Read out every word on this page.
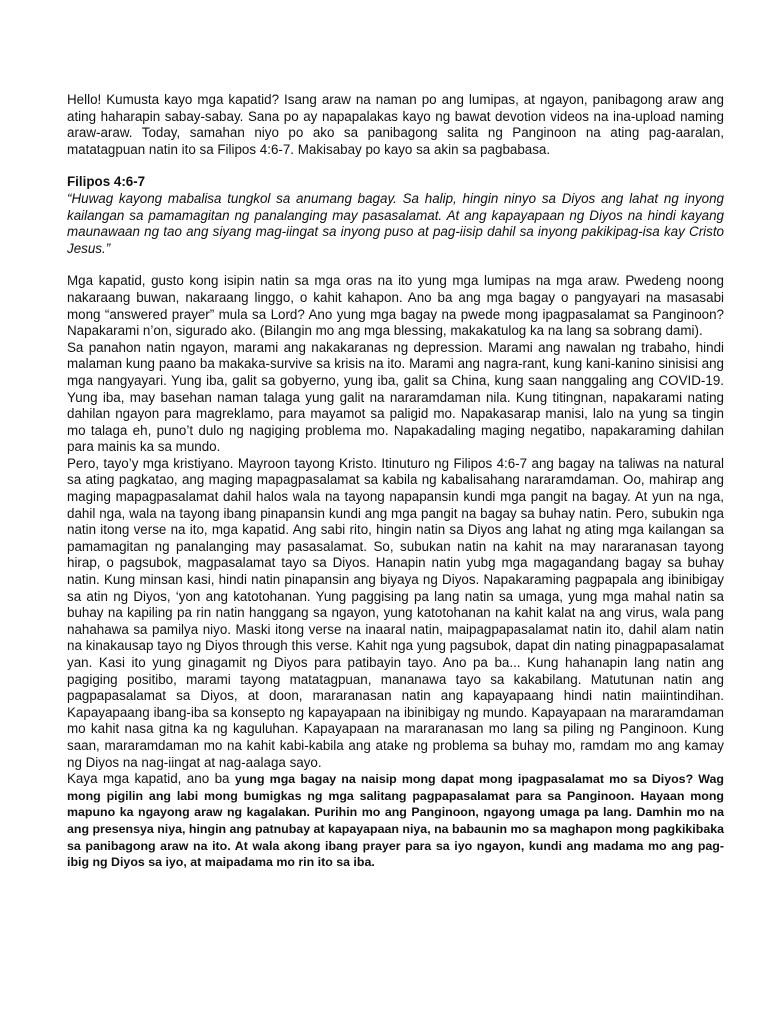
Hello! Kumusta kayo mga kapatid? Isang araw na naman po ang lumipas, at ngayon, panibagong araw ang ating haharapin sabay-sabay. Sana po ay napapalakas kayo ng bawat devotion videos na ina-upload naming araw-araw. Today, samahan niyo po ako sa panibagong salita ng Panginoon na ating pag-aaralan, matatagpuan natin ito sa Filipos 4:6-7. Makisabay po kayo sa akin sa pagbabasa.

Filipos 4:6-7

“Huwag kayong mabalisa tungkol sa anumang bagay. Sa halip, hingin ninyo sa Diyos ang lahat ng inyong kailangan sa pamamagitan ng panalanging may pasasalamat. At ang kapayapaan ng Diyos na hindi kayang maunawaan ng tao ang siyang mag-iingat sa inyong puso at pag-iisip dahil sa inyong pakikipag-isa kay Cristo Jesus.”

Mga kapatid, gusto kong isipin natin sa mga oras na ito yung mga lumipas na mga araw. Pwedeng noong nakaraang buwan, nakaraang linggo, o kahit kahapon. Ano ba ang mga bagay o pangyayari na masasabi mong “answered prayer” mula sa Lord? Ano yung mga bagay na pwede mong ipagpasalamat sa Panginoon? Napakarami n’on, sigurado ako. (Bilangin mo ang mga blessing, makakatulog ka na lang sa sobrang dami).

Sa panahon natin ngayon, marami ang nakakaranas ng depression. Marami ang nawalan ng trabaho, hindi malaman kung paano ba makaka-survive sa krisis na ito. Marami ang nagra-rant, kung kani-kanino sinisisi ang mga nangyayari. Yung iba, galit sa gobyerno, yung iba, galit sa China, kung saan nanggaling ang COVID-19. Yung iba, may basehan naman talaga yung galit na nararamdaman nila. Kung titingnan, napakarami nating dahilan ngayon para magreklamo, para mayamot sa paligid mo. Napakasarap manisi, lalo na yung sa tingin mo talaga eh, puno’t dulo ng nagiging problema mo. Napakadaling maging negatibo, napakaraming dahilan para mainis ka sa mundo.

Pero, tayo’y mga kristiyano. Mayroon tayong Kristo. Itinuturo ng Filipos 4:6-7 ang bagay na taliwas na natural sa ating pagkatao, ang maging mapagpasalamat sa kabila ng kabalisahang nararamdaman. Oo, mahirap ang maging mapagpasalamat dahil halos wala na tayong napapansin kundi mga pangit na bagay. At yun na nga, dahil nga, wala na tayong ibang pinapansin kundi ang mga pangit na bagay sa buhay natin. Pero, subukin nga natin itong verse na ito, mga kapatid. Ang sabi rito, hingin natin sa Diyos ang lahat ng ating mga kailangan sa pamamagitan ng panalanging may pasasalamat. So, subukan natin na kahit na may nararanasan tayong hirap, o pagsubok, magpasalamat tayo sa Diyos. Hanapin natin yubg mga magagandang bagay sa buhay natin. Kung minsan kasi, hindi natin pinapansin ang biyaya ng Diyos. Napakaraming pagpapala ang ibinibigay sa atin ng Diyos, ‘yon ang katotohanan. Yung paggising pa lang natin sa umaga, yung mga mahal natin sa buhay na kapiling pa rin natin hanggang sa ngayon, yung katotohanan na kahit kalat na ang virus, wala pang nahahawa sa pamilya niyo. Maski itong verse na inaaral natin, maipagpapasalamat natin ito, dahil alam natin na kinakausap tayo ng Diyos through this verse. Kahit nga yung pagsubok, dapat din nating pinagpapasalamat yan. Kasi ito yung ginagamit ng Diyos para patibayin tayo. Ano pa ba... Kung hahanapin lang natin ang pagiging positibo, marami tayong matatagpuan, mananawa tayo sa kakabilang. Matutunan natin ang pagpapasalamat sa Diyos, at doon, mararanasan natin ang kapayapaang hindi natin maiintindihan. Kapayapaang ibang-iba sa konsepto ng kapayapaan na ibinibigay ng mundo. Kapayapaan na mararamdaman mo kahit nasa gitna ka ng kaguluhan. Kapayapaan na mararanasan mo lang sa piling ng Panginoon. Kung saan, mararamdaman mo na kahit kabi-kabila ang atake ng problema sa buhay mo, ramdam mo ang kamay ng Diyos na nag-iingat at nag-aalaga sayo.

Kaya mga kapatid, ano ba yung mga bagay na naisip mong dapat mong ipagpasalamat mo sa Diyos? Wag mong pigilin ang labi mong bumigkas ng mga salitang pagpapasalamat para sa Panginoon. Hayaan mong mapuno ka ngayong araw ng kagalakan. Purihin mo ang Panginoon, ngayong umaga pa lang. Damhin mo na ang presensya niya, hingin ang patnubay at kapayapaan niya, na babaunin mo sa maghapon mong pagkikibaka sa panibagong araw na ito. At wala akong ibang prayer para sa iyo ngayon, kundi ang madama mo ang pag-ibig ng Diyos sa iyo, at maipadama mo rin ito sa iba.
